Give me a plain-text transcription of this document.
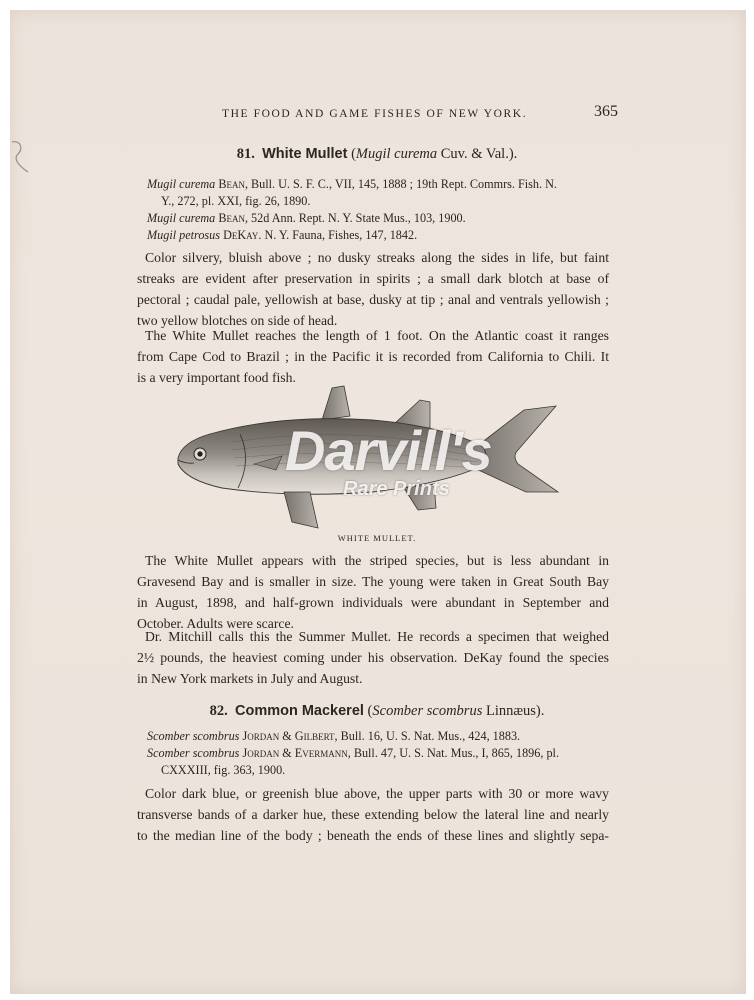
THE FOOD AND GAME FISHES OF NEW YORK.	365
81. White Mullet (Mugil curema Cuv. & Val.).
Mugil curema Bean, Bull. U. S. F. C., VII, 145, 1888 ; 19th Rept. Commrs. Fish. N.
Y., 272, pl. XXI, fig. 26, 1890.
Mugil curema Bean, 52d Ann. Rept. N. Y. State Mus., 103, 1900.
Mugil petrosus DeKay. N. Y. Fauna, Fishes, 147, 1842.
Color silvery, bluish above ; no dusky streaks along the sides in life, but faint
streaks are evident after preservation in spirits ; a small dark blotch at base of
pectoral ; caudal pale, yellowish at base, dusky at tip ; anal and ventrals yellowish ;
two yellow blotches on side of head.
The White Mullet reaches the length of 1 foot. On the Atlantic coast it ranges
from Cape Cod to Brazil ; in the Pacific it is recorded from California to Chili. It
is a very important food fish.
Darvill's
Rare Prints
WHITE MULLET.
The White Mullet appears with the striped species, but is less abundant in
Gravesend Bay and is smaller in size. The young were taken in Great South Bay
in August, 1898, and half-grown individuals were abundant in September and
October. Adults were scarce.
Dr. Mitchill calls this the Summer Mullet. He records a specimen that weighed
2½ pounds, the heaviest coming under his observation. DeKay found the species
in New York markets in July and August.
82. Common Mackerel (Scomber scombrus Linnæus).
Scomber scombrus Jordan & Gilbert, Bull. 16, U. S. Nat. Mus., 424, 1883.
Scomber scombrus Jordan & Evermann, Bull. 47, U. S. Nat. Mus., I, 865, 1896, pl.
CXXXIII, fig. 363, 1900.
Color dark blue, or greenish blue above, the upper parts with 30 or more wavy
transverse bands of a darker hue, these extending below the lateral line and nearly
to the median line of the body ; beneath the ends of these lines and slightly sepa-
